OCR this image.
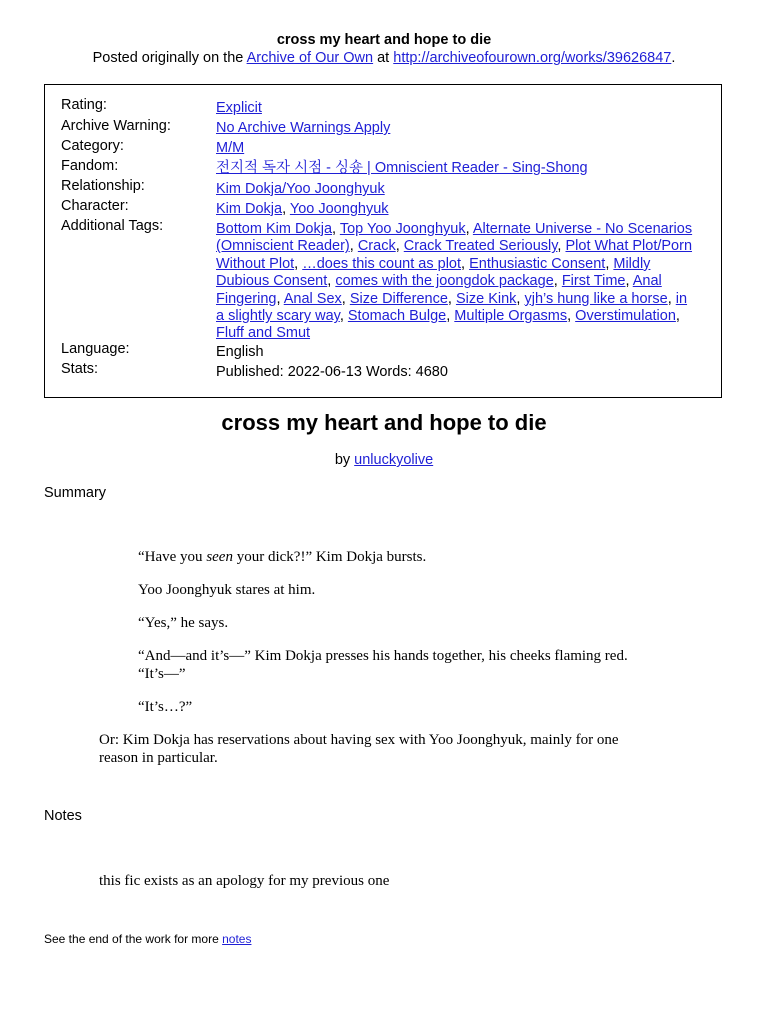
cross my heart and hope to die
Posted originally on the Archive of Our Own at http://archiveofourown.org/works/39626847.
Rating:	Explicit
Archive Warning:	No Archive Warnings Apply
Category:	M/M
Fandom:	전지적 독자 시점 - 싱숑 | Omniscient Reader - Sing-Shong
Relationship:	Kim Dokja/Yoo Joonghyuk
Character:	Kim Dokja, Yoo Joonghyuk
Additional Tags:	Bottom Kim Dokja, Top Yoo Joonghyuk, Alternate Universe - No Scenarios (Omniscient Reader), Crack, Crack Treated Seriously, Plot What Plot/Porn Without Plot, …does this count as plot, Enthusiastic Consent, Mildly Dubious Consent, comes with the joongdok package, First Time, Anal Fingering, Anal Sex, Size Difference, Size Kink, yjh’s hung like a horse, in a slightly scary way, Stomach Bulge, Multiple Orgasms, Overstimulation, Fluff and Smut
Language:	English
Stats:	Published: 2022-06-13 Words: 4680
cross my heart and hope to die
by unluckyolive
Summary
“Have you seen your dick?!” Kim Dokja bursts.
Yoo Joonghyuk stares at him.
“Yes,” he says.
“And—and it’s—” Kim Dokja presses his hands together, his cheeks flaming red. “It’s—”
“It’s…?”
Or: Kim Dokja has reservations about having sex with Yoo Joonghyuk, mainly for one reason in particular.
Notes
this fic exists as an apology for my previous one
See the end of the work for more notes
